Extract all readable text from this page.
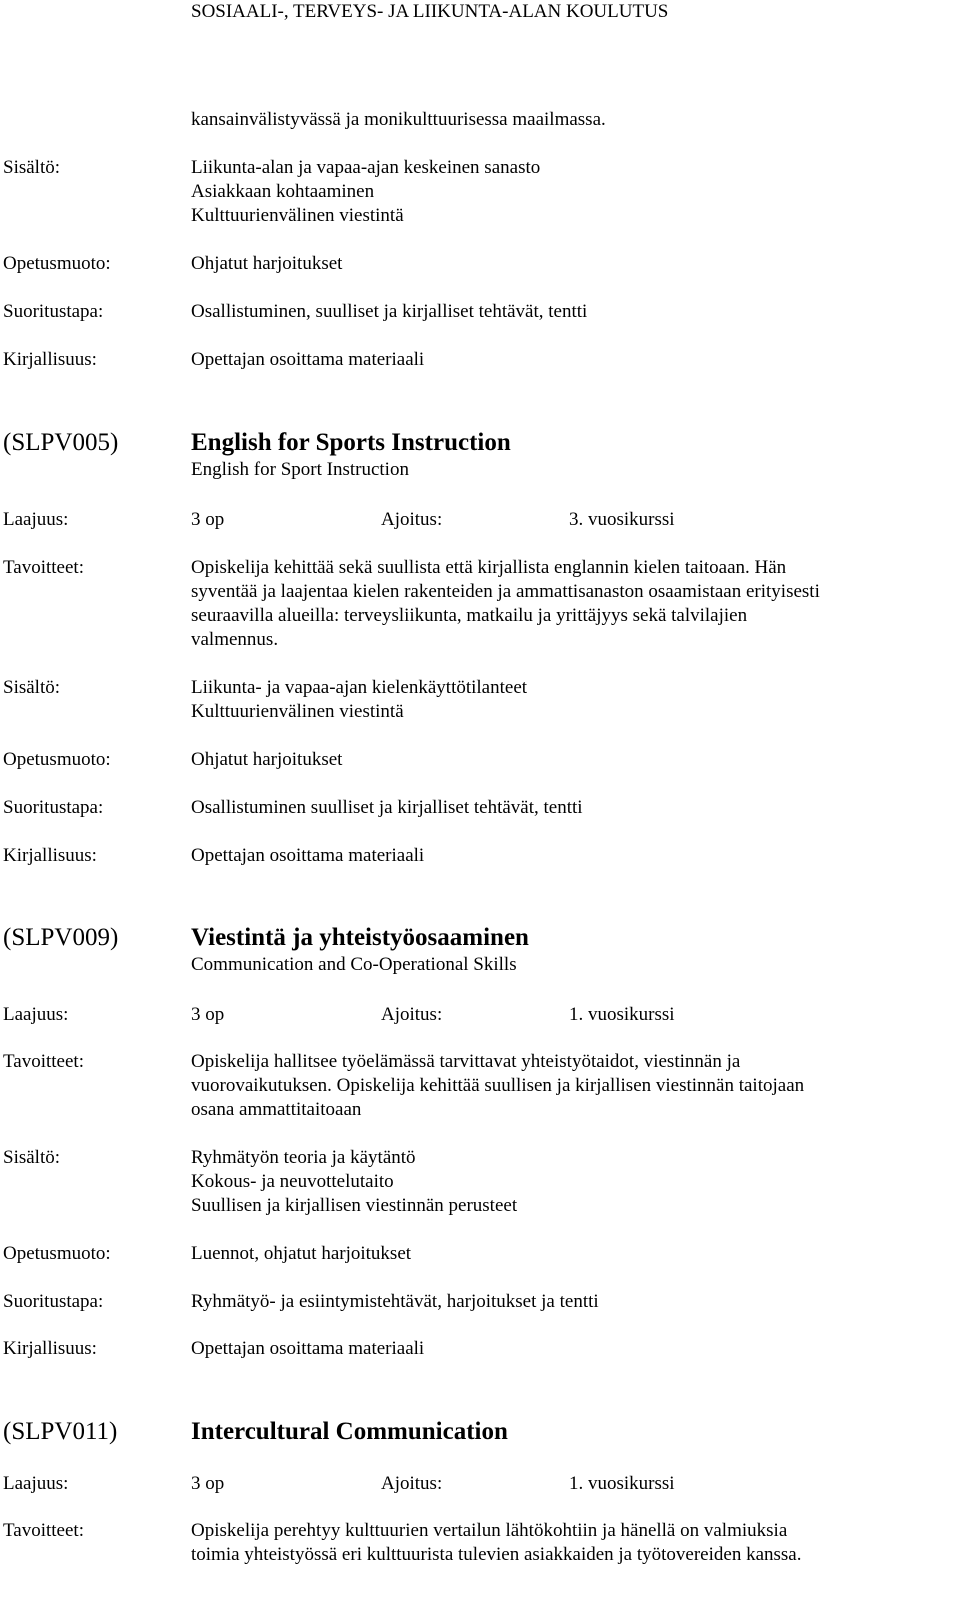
SOSIAALI-, TERVEYS- JA LIIKUNTA-ALAN KOULUTUS
kansainvälistyvässä ja monikulttuurisessa maailmassa.
Sisältö:	Liikunta-alan ja vapaa-ajan keskeinen sanasto
Asiakkaan kohtaaminen
Kulttuurienvälinen viestintä
Opetusmuoto:	Ohjatut harjoitukset
Suoritustapa:	Osallistuminen, suulliset ja kirjalliset tehtävät, tentti
Kirjallisuus:	Opettajan osoittama materiaali
(SLPV005)	English for Sports Instruction
English for Sport Instruction
Laajuus:	3 op	Ajoitus:	3. vuosikurssi
Tavoitteet:	Opiskelija kehittää sekä suullista että kirjallista englannin kielen taitoaan. Hän
syventää ja laajentaa kielen rakenteiden ja ammattisanaston osaamistaan erityisesti
seuraavilla alueilla: terveysliikunta, matkailu ja yrittäjyys sekä talvilajien
valmennus.
Sisältö:	Liikunta- ja vapaa-ajan kielenkäyttötilanteet
Kulttuurienvälinen viestintä
Opetusmuoto:	Ohjatut harjoitukset
Suoritustapa:	Osallistuminen suulliset ja kirjalliset tehtävät, tentti
Kirjallisuus:	Opettajan osoittama materiaali
(SLPV009)	Viestintä ja yhteistyöosaaminen
Communication and Co-Operational Skills
Laajuus:	3 op	Ajoitus:	1. vuosikurssi
Tavoitteet:	Opiskelija hallitsee työelämässä tarvittavat yhteistyötaidot, viestinnän ja
vuorovaikutuksen. Opiskelija kehittää suullisen ja kirjallisen viestinnän taitojaan
osana ammattitaitoaan
Sisältö:	Ryhmätyön teoria ja käytäntö
Kokous- ja neuvottelutaito
Suullisen ja kirjallisen viestinnän perusteet
Opetusmuoto:	Luennot, ohjatut harjoitukset
Suoritustapa:	Ryhmätyö- ja esiintymistehtävät, harjoitukset ja tentti
Kirjallisuus:	Opettajan osoittama materiaali
(SLPV011)	Intercultural Communication
Laajuus:	3 op	Ajoitus:	1. vuosikurssi
Tavoitteet:	Opiskelija perehtyy kulttuurien vertailun lähtökohtiin ja hänellä on valmiuksia
toimia yhteistyössä eri kulttuurista tulevien asiakkaiden ja työtovereiden kanssa.
